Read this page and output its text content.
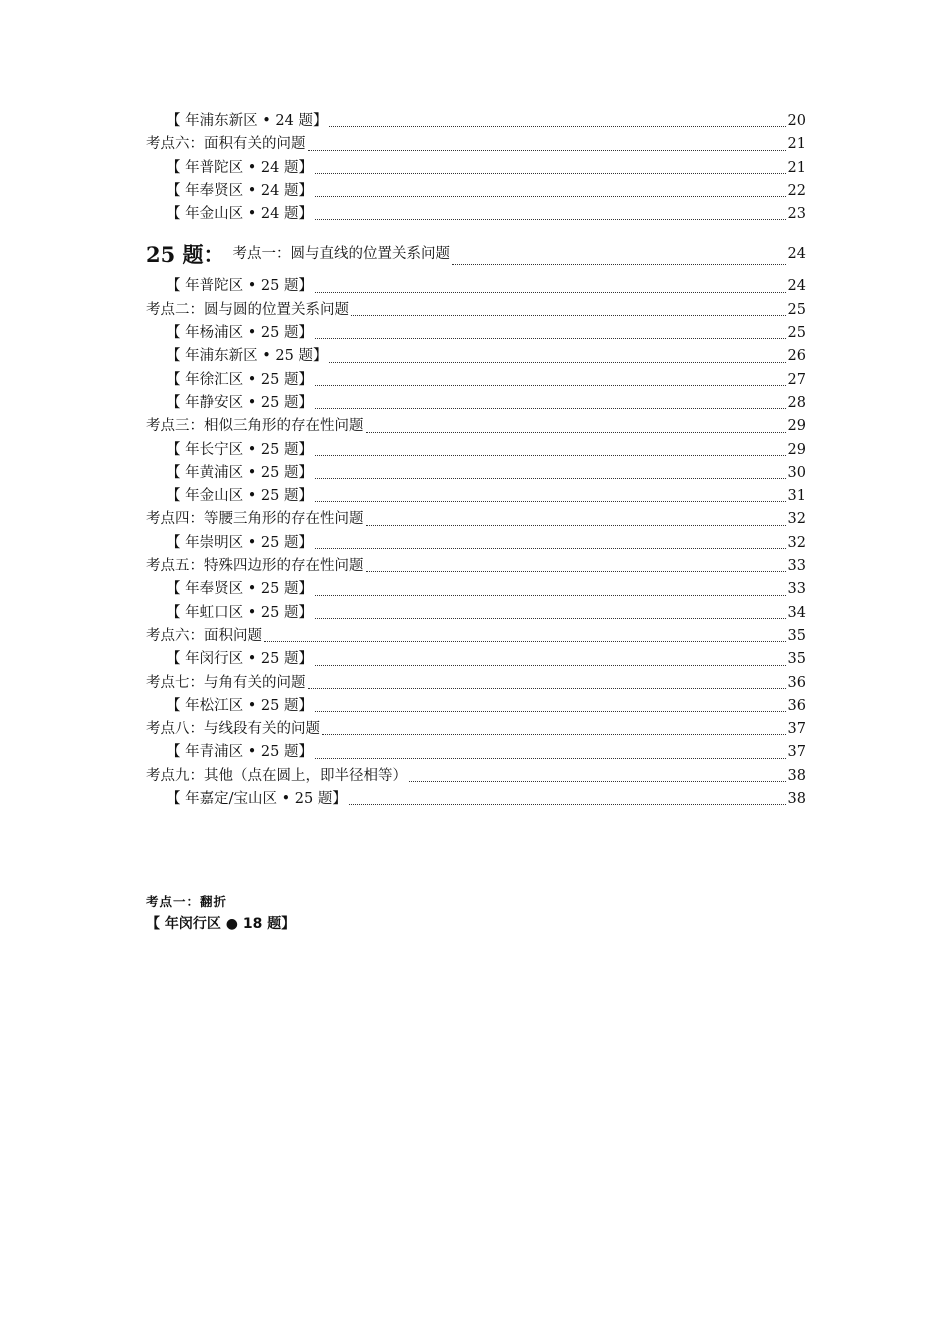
【 年浦东新区 • 24 题】	20
考点六：面积有关的问题	21
【 年普陀区 • 24 题】	21
【 年奉贤区 • 24 题】	22
【 年金山区 • 24 题】	23
25 题： 考点一：圆与直线的位置关系问题	24
【 年普陀区 • 25 题】	24
考点二：圆与圆的位置关系问题	25
【 年杨浦区 • 25 题】	25
【 年浦东新区 • 25 题】	26
【 年徐汇区 • 25 题】	27
【 年静安区 • 25 题】	28
考点三：相似三角形的存在性问题	29
【 年长宁区 • 25 题】	29
【 年黄浦区 • 25 题】	30
【 年金山区 • 25 题】	31
考点四：等腰三角形的存在性问题	32
【 年崇明区 • 25 题】	32
考点五：特殊四边形的存在性问题	33
【 年奉贤区 • 25 题】	33
【 年虹口区 • 25 题】	34
考点六：面积问题	35
【 年闵行区 • 25 题】	35
考点七：与角有关的问题	36
【 年松江区 • 25 题】	36
考点八：与线段有关的问题	37
【 年青浦区 • 25 题】	37
考点九：其他（点在圆上，即半径相等）	38
【 年嘉定/宝山区 • 25 题】	38
考点一：翻折
【 年闵行区 ● 18 题】
